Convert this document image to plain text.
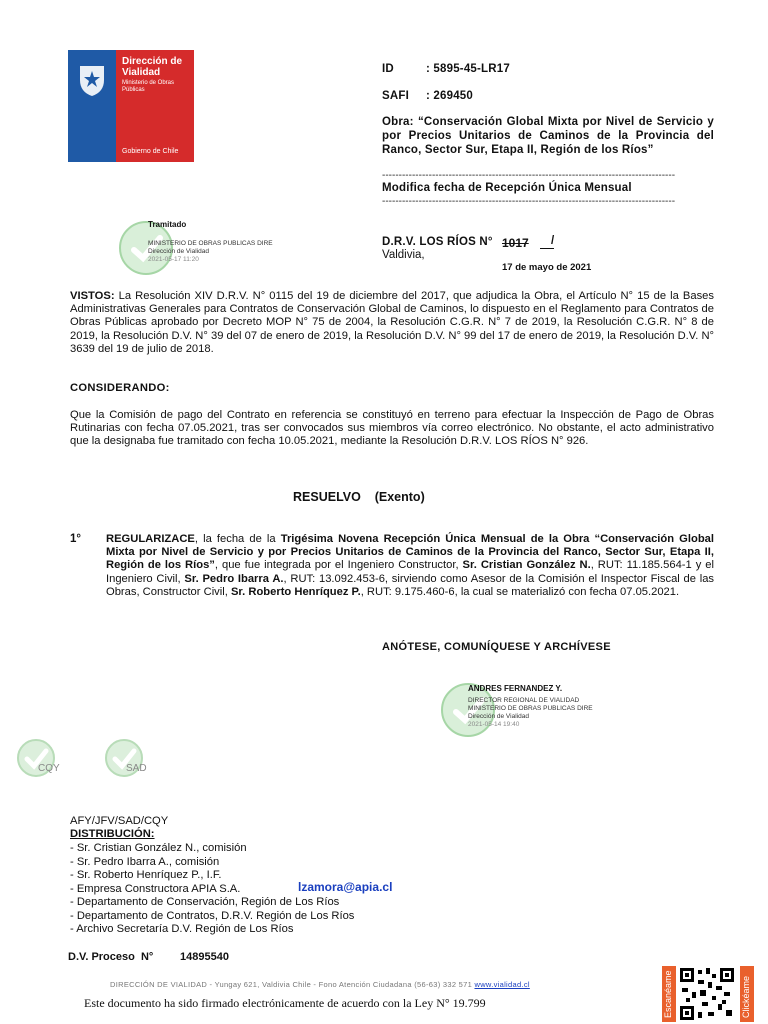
Dirección de
Vialidad
Ministerio de Obras
Públicas
Gobierno de Chile
ID	: 5895-45-LR17
SAFI : 269450
Obra: “Conservación Global Mixta por Nivel de Servicio y por Precios Unitarios de Caminos de la Provincia del Ranco, Sector Sur, Etapa II, Región de los Ríos”
----------------------------------------------------------------------------------------
Modifica fecha de Recepción Única Mensual
----------------------------------------------------------------------------------------
D.R.V. LOS RÍOS N° 1017 /
Valdivia,
17 de mayo de 2021
Tramitado
MINISTERIO DE OBRAS PUBLICAS DIRE
Dirección de Vialidad
2021-05-17 11:20
VISTOS: La Resolución XIV D.R.V. N° 0115 del 19 de diciembre del 2017, que adjudica la Obra, el Artículo N° 15 de la Bases Administrativas Generales para Contratos de Conservación Global de Caminos, lo dispuesto en el Reglamento para Contratos de Obras Públicas aprobado por Decreto MOP N° 75 de 2004, la Resolución C.G.R. N° 7 de 2019, la Resolución C.G.R. N° 8 de 2019, la Resolución D.V. N° 39 del 07 de enero de 2019, la Resolución D.V. N° 99 del 17 de enero de 2019, la Resolución D.V. N° 3639 del 19 de julio de 2018.
CONSIDERANDO:
Que la Comisión de pago del Contrato en referencia se constituyó en terreno para efectuar la Inspección de Pago de Obras Rutinarias con fecha 07.05.2021, tras ser convocados sus miembros vía correo electrónico. No obstante, el acto administrativo que la designaba fue tramitado con fecha 10.05.2021, mediante la Resolución D.R.V. LOS RÍOS N° 926.
RESUELVO    (Exento)
1° REGULARIZACE, la fecha de la Trigésima Novena Recepción Única Mensual de la Obra “Conservación Global Mixta por Nivel de Servicio y por Precios Unitarios de Caminos de la Provincia del Ranco, Sector Sur, Etapa II, Región de los Ríos”, que fue integrada por el Ingeniero Constructor, Sr. Cristian González N., RUT: 11.185.564-1 y el Ingeniero Civil, Sr. Pedro Ibarra A., RUT: 13.092.453-6, sirviendo como Asesor de la Comisión el Inspector Fiscal de las Obras, Constructor Civil, Sr. Roberto Henríquez P., RUT: 9.175.460-6, la cual se materializó con fecha 07.05.2021.
ANÓTESE, COMUNÍQUESE Y ARCHÍVESE
ANDRES FERNANDEZ Y.
DIRECTOR REGIONAL DE VIALIDAD
MINISTERIO DE OBRAS PUBLICAS DIRE
Dirección de Vialidad
2021-05-14 19:40
CQY	SAD
AFY/JFV/SAD/CQY
DISTRIBUCIÓN:
- Sr. Cristian González N., comisión
- Sr. Pedro Ibarra A., comisión
- Sr. Roberto Henríquez P., I.F.
- Empresa Constructora APIA S.A.
- Departamento de Conservación, Región de Los Ríos
- Departamento de Contratos, D.R.V. Región de Los Ríos
- Archivo Secretaría D.V. Región de Los Ríos
lzamora@apia.cl
D.V. Proceso  N° 14895540
DIRECCIÓN DE VIALIDAD - Yungay 621, Valdivia Chile - Fono Atención Ciudadana (56-63) 332 571 www.vialidad.cl
Este documento ha sido firmado electrónicamente de acuerdo con la Ley N° 19.799	Escanéame	Clickéame
